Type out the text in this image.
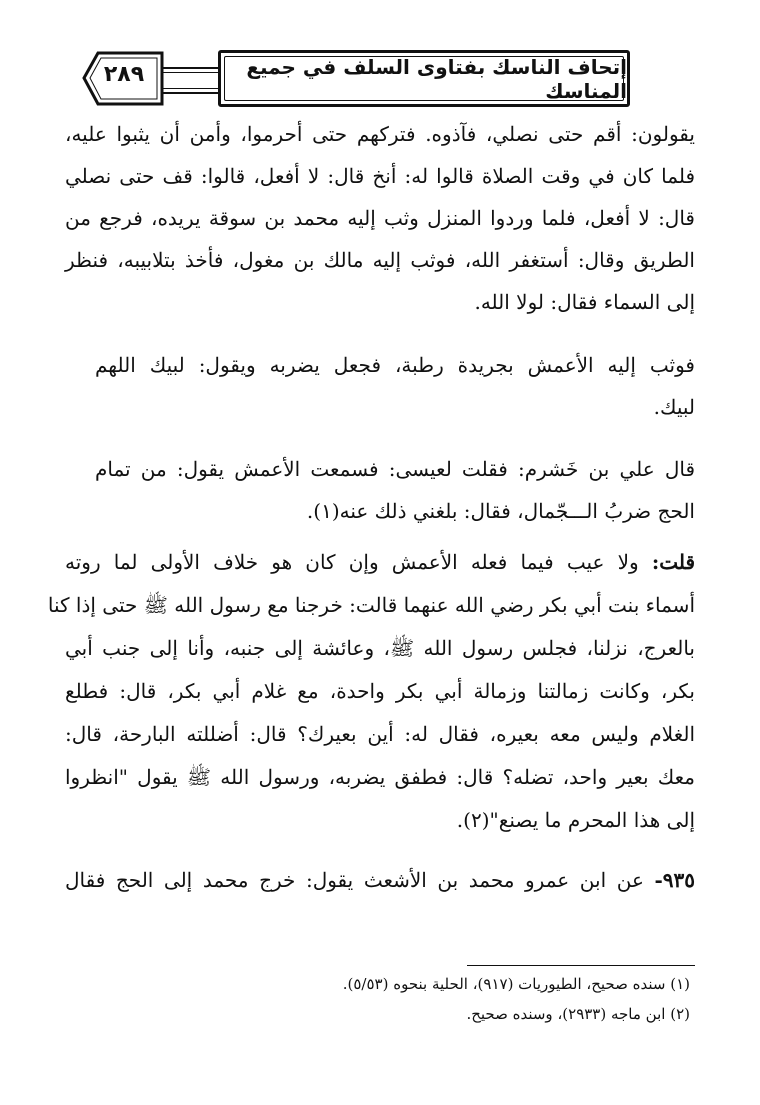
٢٨٩	إتحاف الناسك بفتاوى السلف في جميع المناسك
يقولون: أقم حتى نصلي، فآذوه. فتركهم حتى أحرموا، وأمن أن يثبوا عليه،
فلما كان في وقت الصلاة قالوا له: أنخ قال: لا أفعل، قالوا: قف حتى نصلي
قال: لا أفعل، فلما وردوا المنزل وثب إليه محمد بن سوقة يريده، فرجع من
الطريق وقال: أستغفر الله، فوثب إليه مالك بن مغول، فأخذ بتلابيبه، فنظر
إلى السماء فقال: لولا الله.
فوثب إليه الأعمش بجريدة رطبة، فجعل يضربه ويقول: لبيك اللهم
لبيك.
قال علي بن خَشرم: فقلت لعيسى: فسمعت الأعمش يقول: من تمام
الحج ضربُ الـــجّمال، فقال: بلغني ذلك عنه(١).
قلت: ولا عيب فيما فعله الأعمش وإن كان هو خلاف الأولى لما روته
أسماء بنت أبي بكر رضي الله عنهما قالت: خرجنا مع رسول الله ﷺ حتى إذا كنا
بالعرج، نزلنا، فجلس رسول الله ﷺ، وعائشة إلى جنبه، وأنا إلى جنب أبي
بكر، وكانت زمالتنا وزمالة أبي بكر واحدة، مع غلام أبي بكر، قال: فطلع
الغلام وليس معه بعيره، فقال له: أين بعيرك؟ قال: أضللته البارحة، قال:
معك بعير واحد، تضله؟ قال: فطفق يضربه، ورسول الله ﷺ يقول "انظروا
إلى هذا المحرم ما يصنع"(٢).
٩٣٥- عن ابن عمرو محمد بن الأشعث يقول: خرج محمد إلى الحج فقال
(١) سنده صحيح، الطيوريات (٩١٧)، الحلية بنحوه (٥/٥٣).
(٢) ابن ماجه (٢٩٣٣)، وسنده صحيح.
